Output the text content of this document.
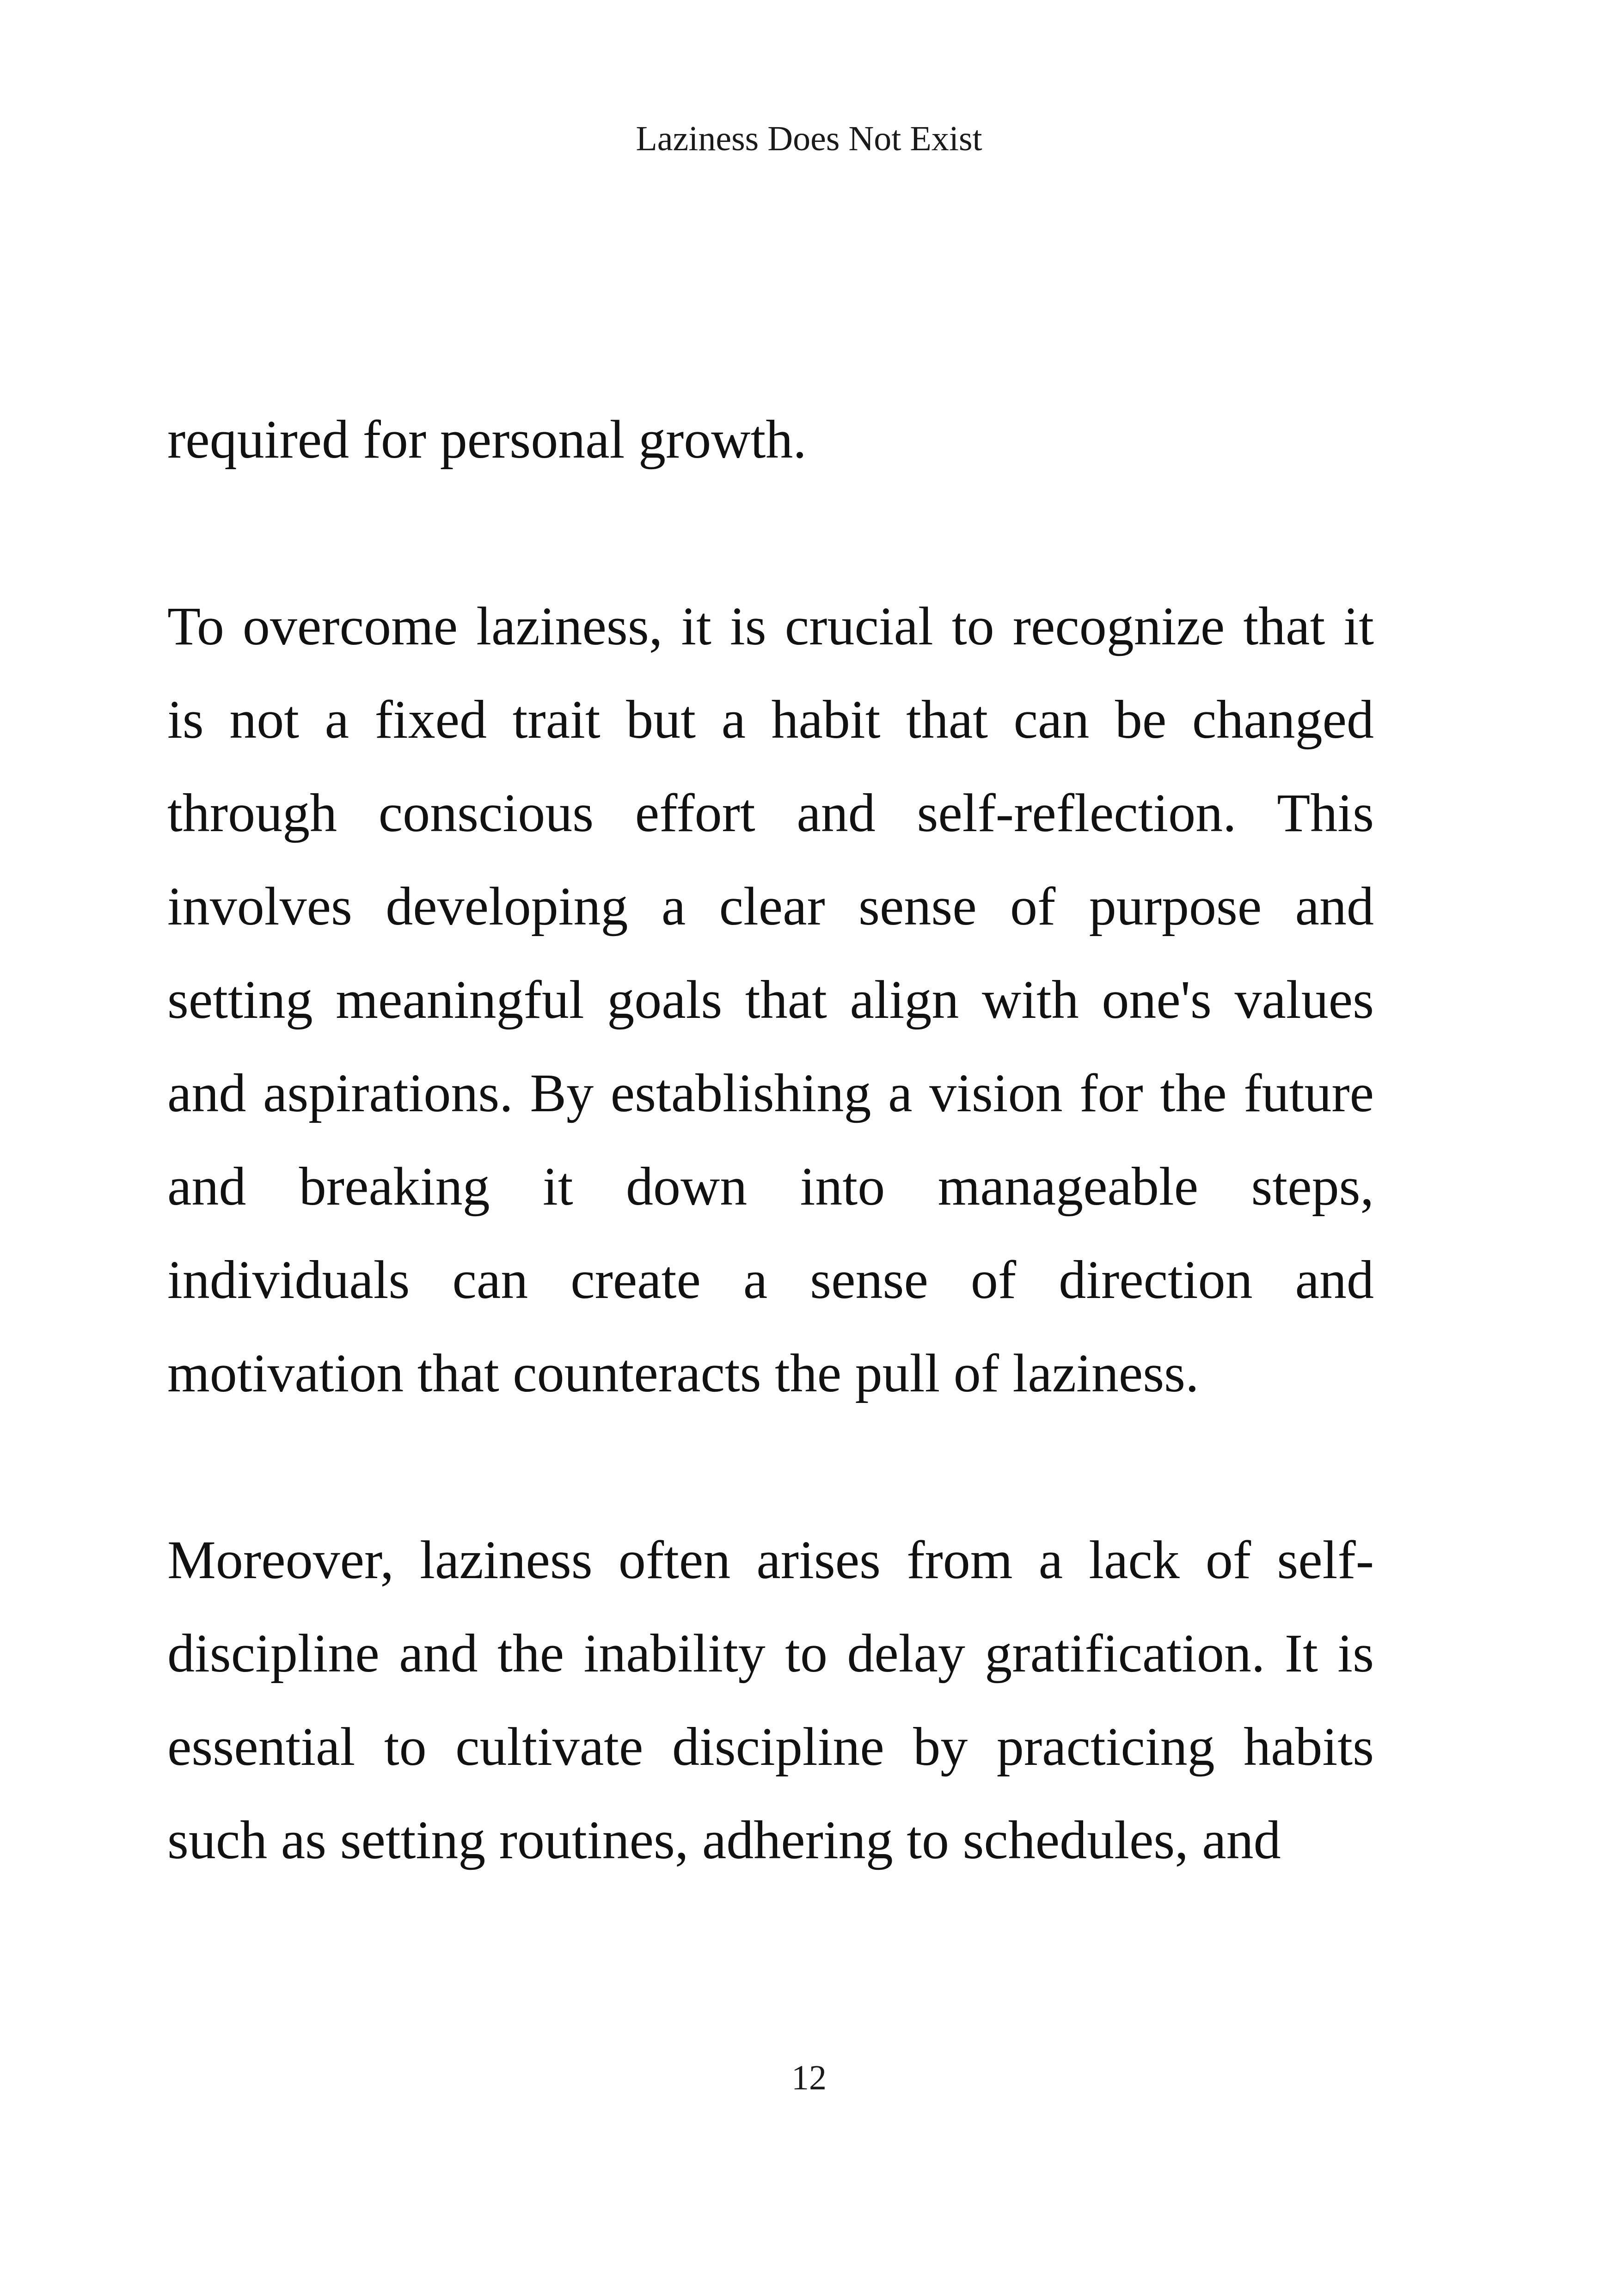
Laziness Does Not Exist

required for personal growth.

To overcome laziness, it is crucial to recognize that it is not a fixed trait but a habit that can be changed through conscious effort and self-reflection. This involves developing a clear sense of purpose and setting meaningful goals that align with one's values and aspirations. By establishing a vision for the future and breaking it down into manageable steps, individuals can create a sense of direction and motivation that counteracts the pull of laziness.

Moreover, laziness often arises from a lack of self-discipline and the inability to delay gratification. It is essential to cultivate discipline by practicing habits such as setting routines, adhering to schedules, and

12
